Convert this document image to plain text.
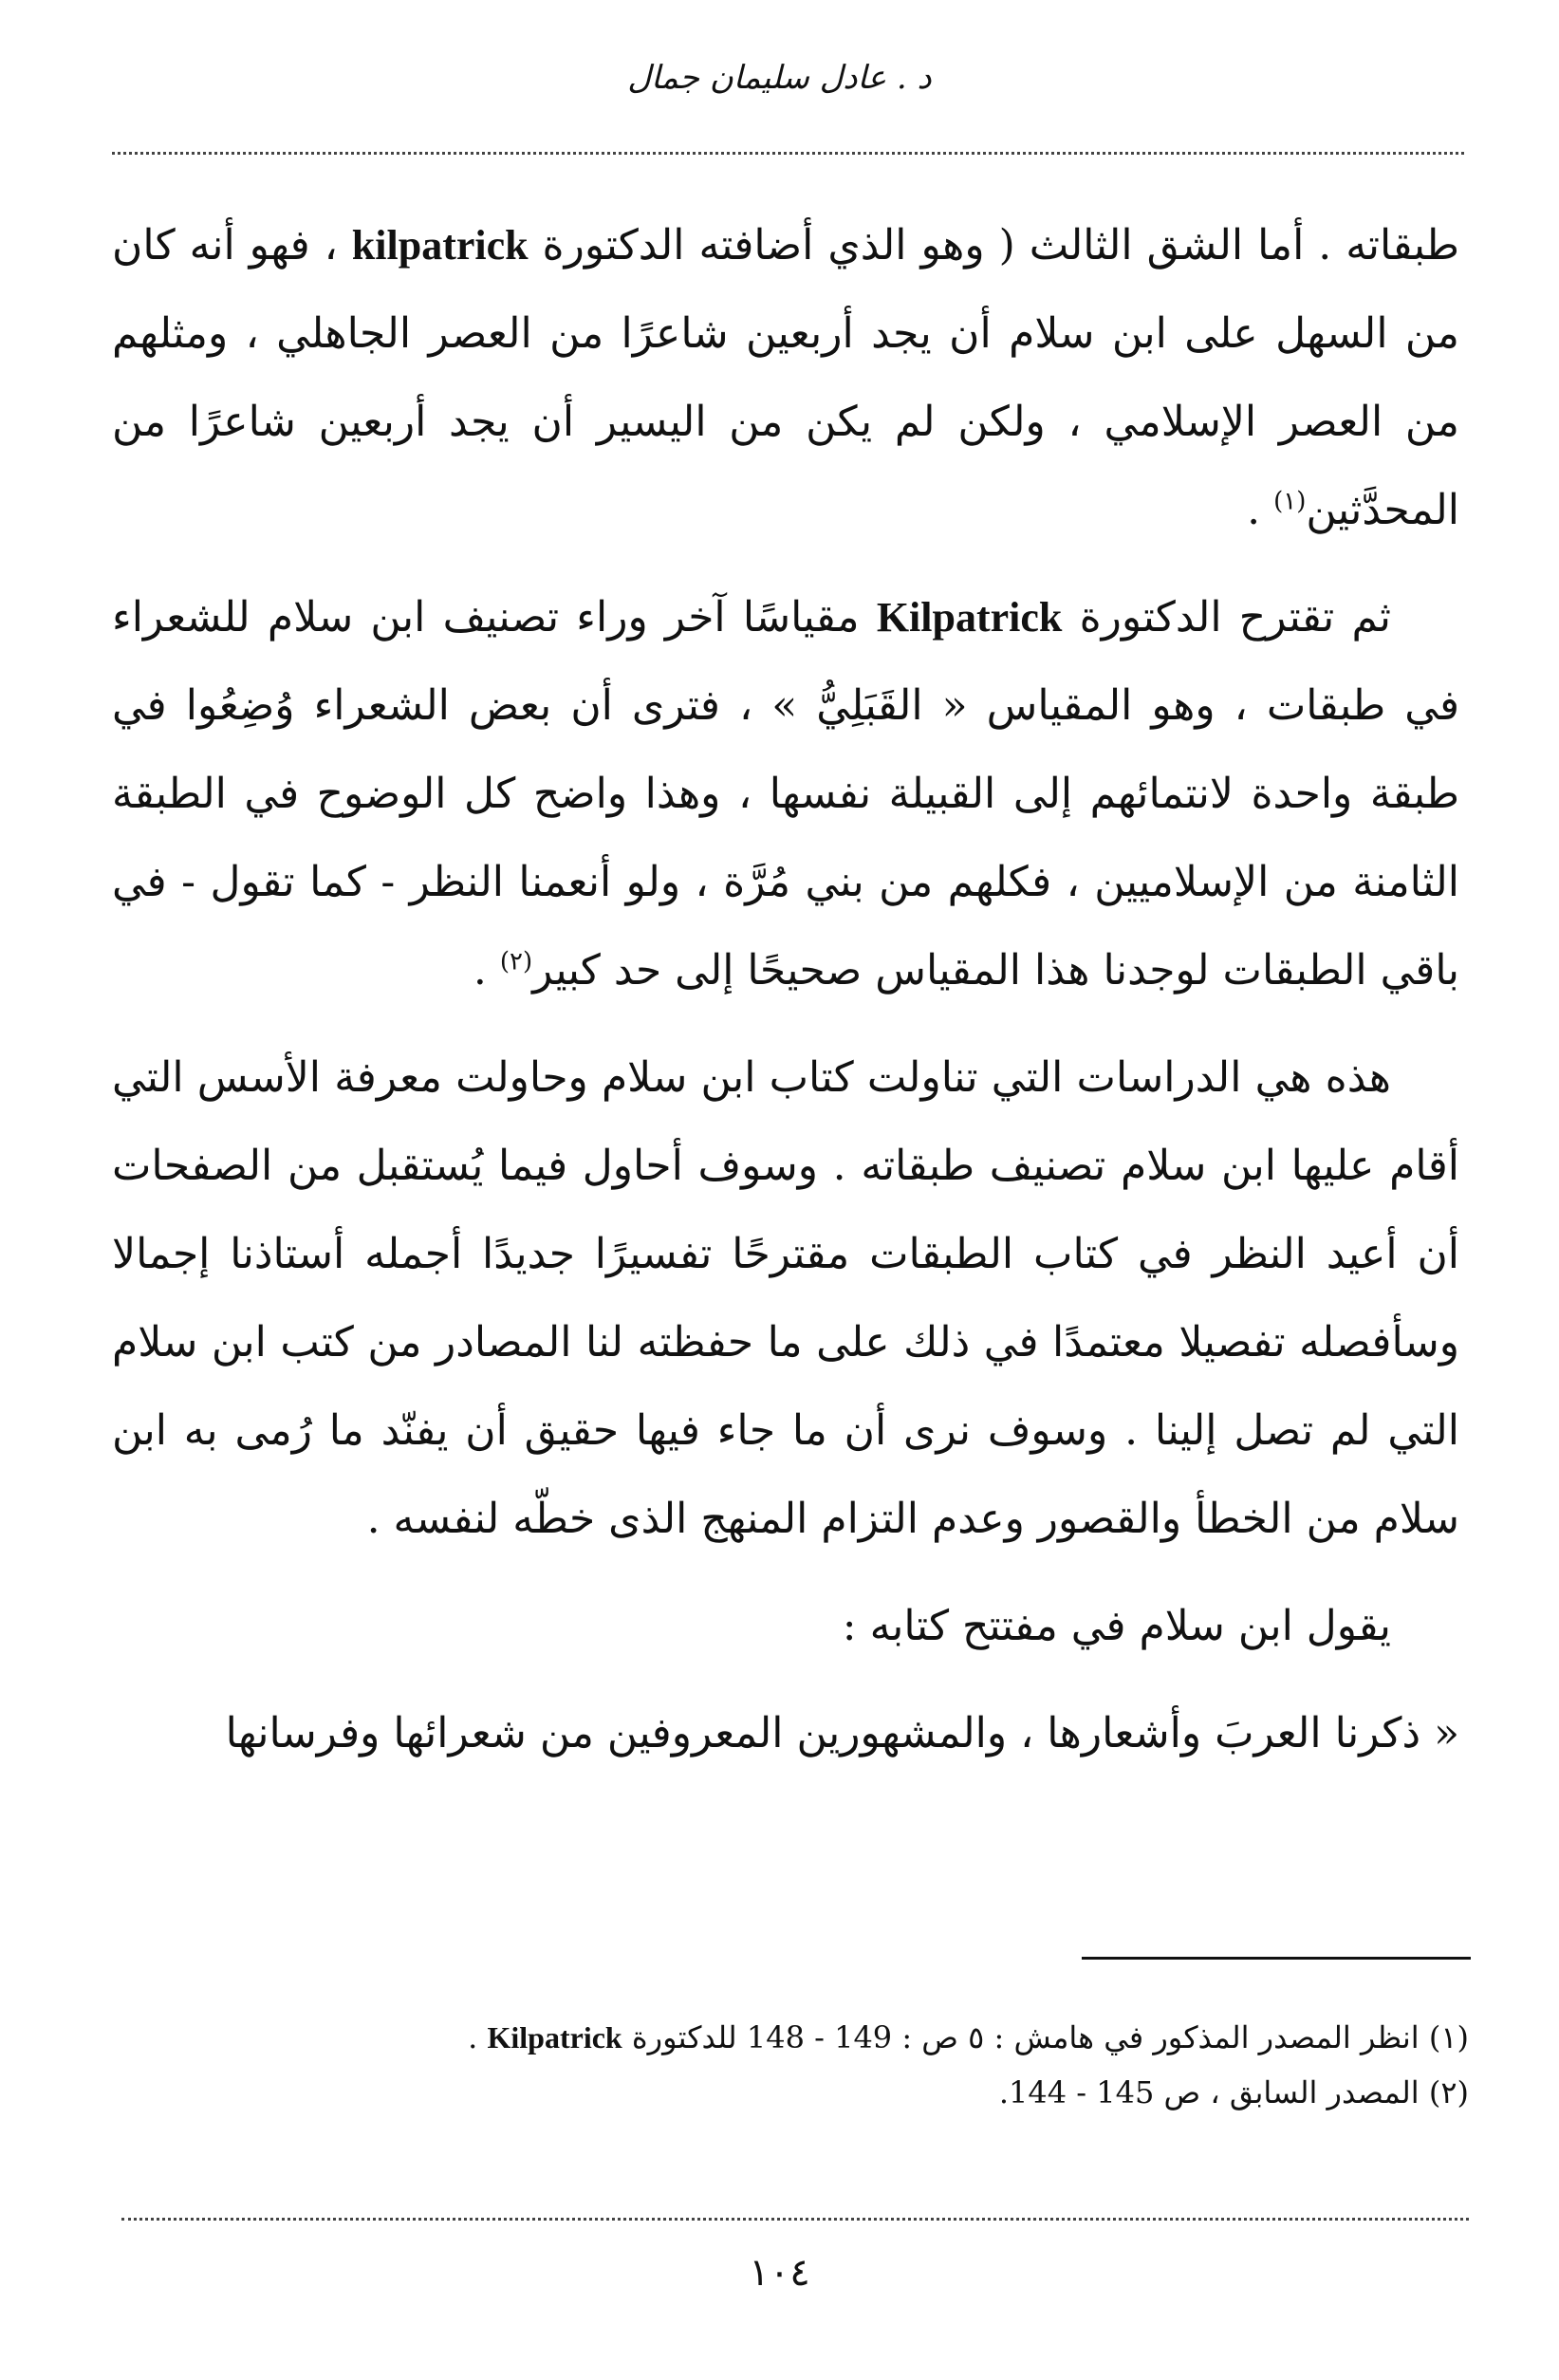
د . عادل سليمان جمال

طبقاته . أما الشق الثالث ( وهو الذي أضافته الدكتورة kilpatrick ، فهو أنه كان من السهل على ابن سلام أن يجد أربعين شاعرًا من العصر الجاهلي ، ومثلهم من العصر الإسلامي ، ولكن لم يكن من اليسير أن يجد أربعين شاعرًا من المحدَّثين$^{(١)}$ .

ثم تقترح الدكتورة Kilpatrick مقياسًا آخر وراء تصنيف ابن سلام للشعراء في طبقات ، وهو المقياس « القَبَلِيُّ » ، فترى أن بعض الشعراء وُضِعُوا في طبقة واحدة لانتمائهم إلى القبيلة نفسها ، وهذا واضح كل الوضوح في الطبقة الثامنة من الإسلاميين ، فكلهم من بني مُرَّة ، ولو أنعمنا النظر - كما تقول - في باقي الطبقات لوجدنا هذا المقياس صحيحًا إلى حد كبير$^{(٢)}$ .

هذه هي الدراسات التي تناولت كتاب ابن سلام وحاولت معرفة الأسس التي أقام عليها ابن سلام تصنيف طبقاته . وسوف أحاول فيما يُستقبل من الصفحات أن أعيد النظر في كتاب الطبقات مقترحًا تفسيرًا جديدًا أجمله أستاذنا إجمالا وسأفصله تفصيلا معتمدًا في ذلك على ما حفظته لنا المصادر من كتب ابن سلام التي لم تصل إلينا . وسوف نرى أن ما جاء فيها حقيق أن يفنّد ما رُمى به ابن سلام من الخطأ والقصور وعدم التزام المنهج الذى خطّه لنفسه .

يقول ابن سلام في مفتتح كتابه :

« ذكرنا العربَ وأشعارها ، والمشهورين المعروفين من شعرائها وفرسانها

(١) انظر المصدر المذكور في هامش : ٥ ص : 149 - 148 للدكتورة Kilpatrick .

(٢) المصدر السابق ، ص 145 - 144.

١٠٤
